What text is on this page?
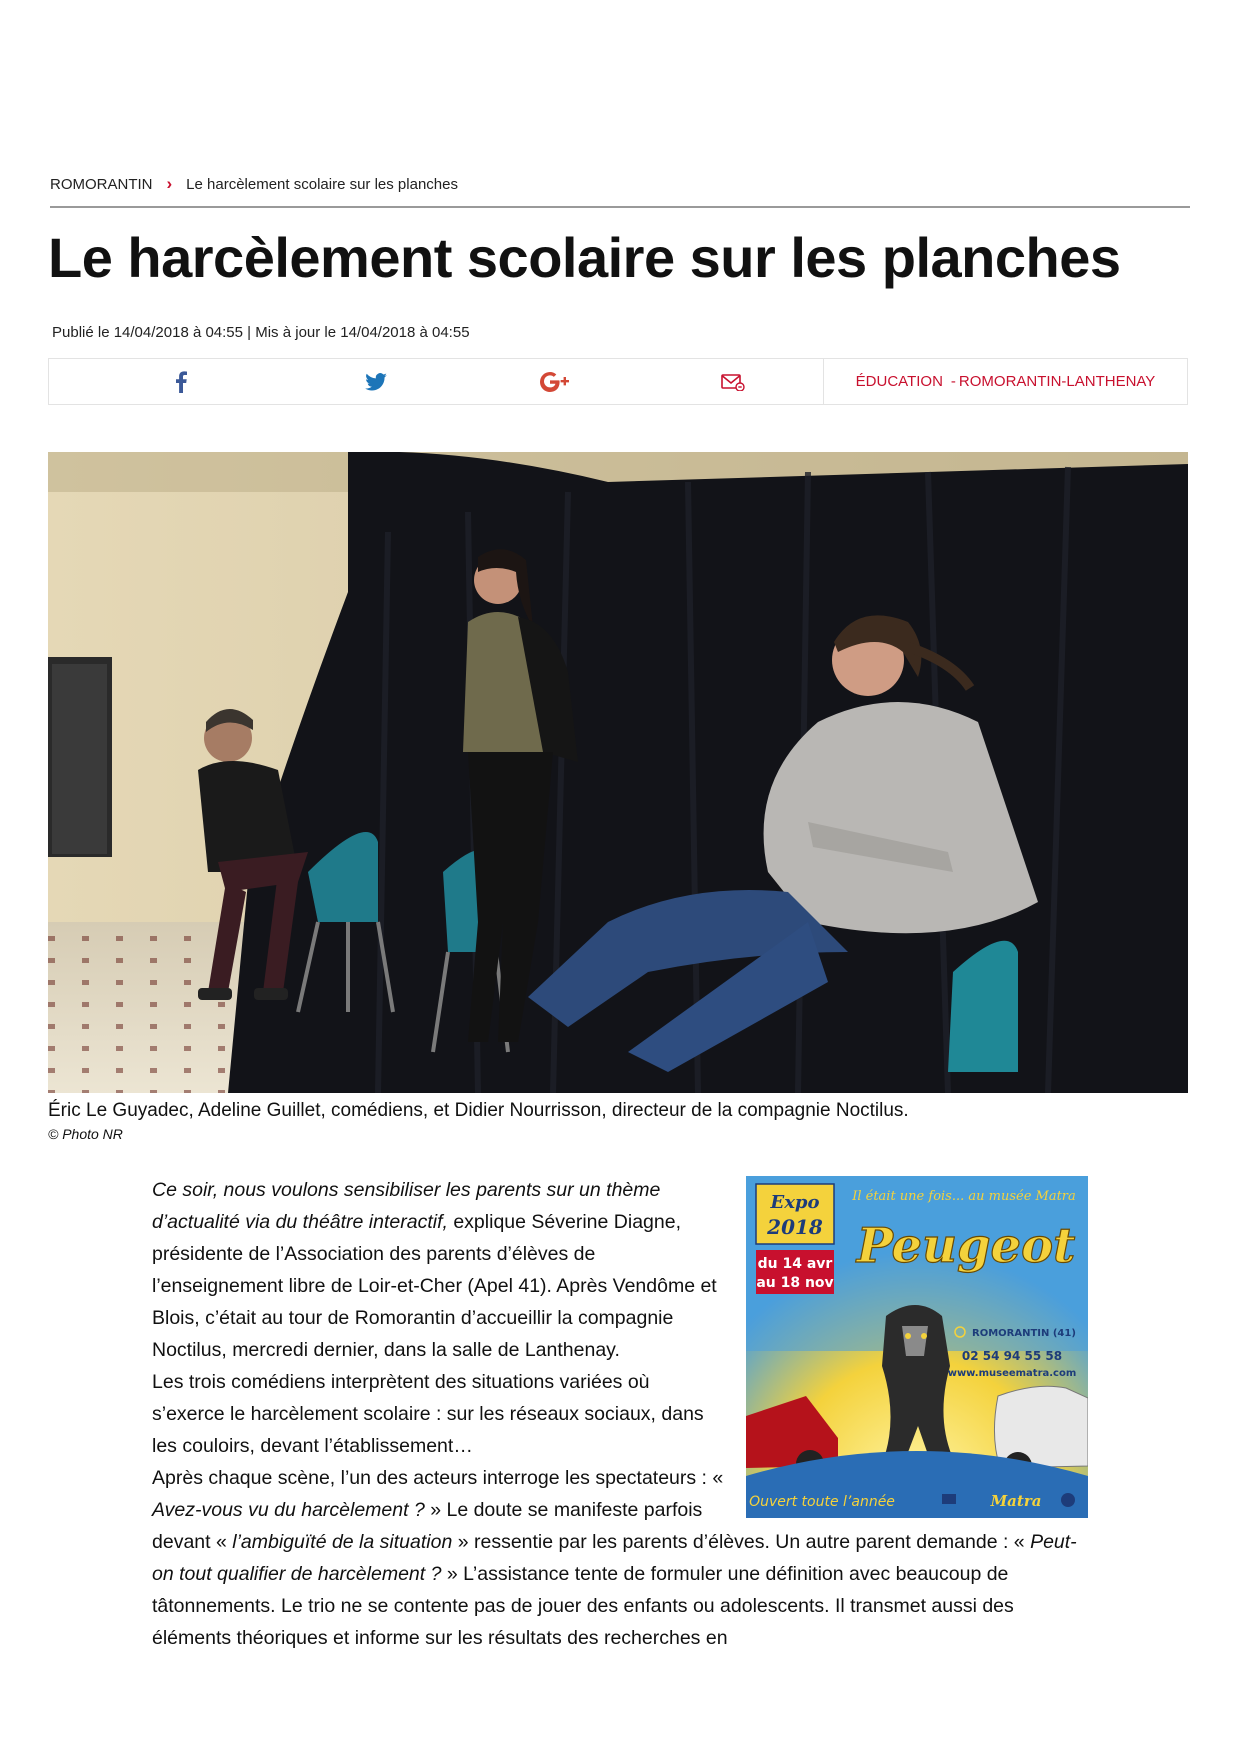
ROMORANTIN › Le harcèlement scolaire sur les planches
Le harcèlement scolaire sur les planches
Publié le 14/04/2018 à 04:55 | Mis à jour le 14/04/2018 à 04:55
ÉDUCATION - ROMORANTIN-LANTHENAY
Éric Le Guyadec, Adeline Guillet, comédiens, et Didier Nourrisson, directeur de la compagnie Noctilus.
© Photo NR
Expo
2018
du 14 avr
au 18 nov
Il était une fois... au musée Matra
Peugeot
ROMORANTIN (41)
02 54 94 55 58
www.museematra.com
Ouvert toute l’année	Matra

Ce soir, nous voulons sensibiliser les parents sur un thème d’actualité via du théâtre interactif, explique Séverine Diagne, présidente de l’Association des parents d’élèves de l’enseignement libre de Loir-et-Cher (Apel 41). Après Vendôme et Blois, c’était au tour de Romorantin d’accueillir la compagnie Noctilus, mercredi dernier, dans la salle de Lanthenay.

Les trois comédiens interprètent des situations variées où s’exerce le harcèlement scolaire : sur les réseaux sociaux, dans les couloirs, devant l’établissement…

Après chaque scène, l’un des acteurs interroge les spectateurs : « Avez-vous vu du harcèlement ? » Le doute se manifeste parfois devant « l’ambiguïté de la situation » ressentie par les parents d’élèves. Un autre parent demande : « Peut-on tout qualifier de harcèlement ? » L’assistance tente de formuler une définition avec beaucoup de tâtonnements. Le trio ne se contente pas de jouer des enfants ou adolescents. Il transmet aussi des éléments théoriques et informe sur les résultats des recherches en
